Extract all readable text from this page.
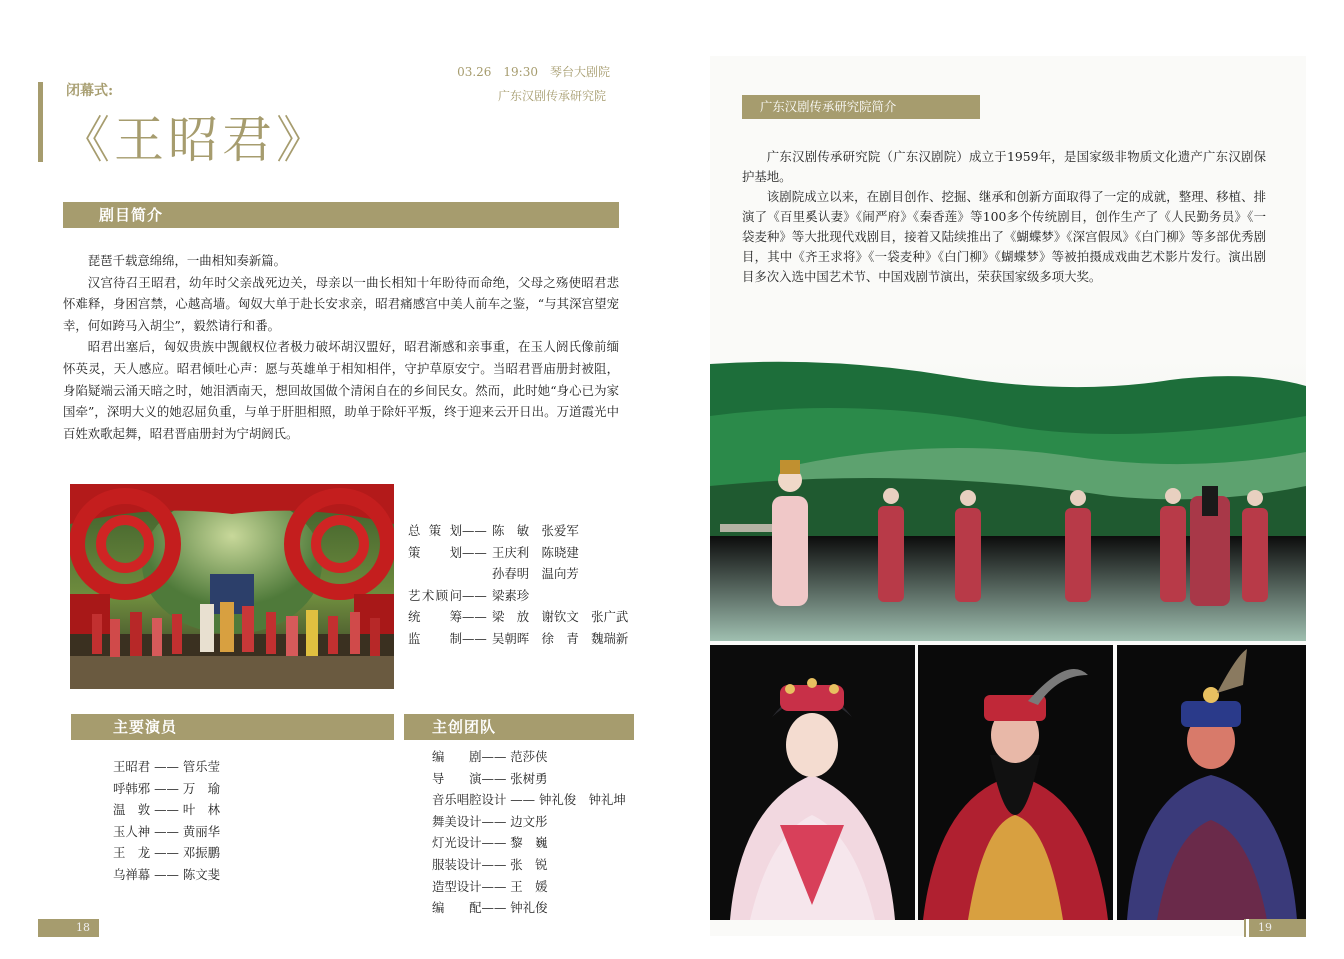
闭幕式:
《王昭君》
03.26　19:30　琴台大剧院
广东汉剧传承研究院
剧目简介

琵琶千载意绵绵，一曲相知奏新篇。

汉宫待召王昭君，幼年时父亲战死边关，母亲以一曲长相知十年盼待而命绝，父母之殇使昭君悲怀难释，身困宫禁，心越高墙。匈奴大单于赴长安求亲，昭君痛感宫中美人前车之鉴，“与其深宫望宠幸，何如跨马入胡尘”，毅然请行和番。

昭君出塞后，匈奴贵族中觊觎权位者极力破坏胡汉盟好，昭君渐感和亲事重，在玉人阏氏像前缅怀英灵，天人感应。昭君倾吐心声：愿与英雄单于相知相伴，守护草原安宁。当昭君晋庙册封被阻，身陷疑端云涌天暗之时，她泪洒南天，想回故国做个清闲自在的乡间民女。然而，此时她“身心已为家国牵”，深明大义的她忍屈负重，与单于肝胆相照，助单于除奸平叛，终于迎来云开日出。万道霞光中百姓欢歌起舞，昭君晋庙册封为宁胡阏氏。

总策划 —— 陈　敏　张爱军
策　划 —— 王庆利　陈晓建
孙春明　温向芳
艺术顾问 —— 梁素珍
统　筹 —— 梁　放　谢钦文　张广武
监　制 —— 吴朝晖　徐　青　魏瑞新
主要演员	主创团队
王昭君 —— 管乐莹
呼韩邪 —— 万　瑜
温　敦 —— 叶　林
玉人神 —— 黄丽华
王　龙 —— 邓振鹏
乌禅幕 —— 陈文斐
编　　剧—— 范莎侠
导　　演—— 张树勇
音乐唱腔设计 —— 钟礼俊　钟礼坤
舞美设计—— 边文彤
灯光设计—— 黎　巍
服装设计—— 张　锐
造型设计—— 王　媛
编　　配—— 钟礼俊
18
广东汉剧传承研究院简介

广东汉剧传承研究院（广东汉剧院）成立于1959年，是国家级非物质文化遗产广东汉剧保护基地。

该剧院成立以来，在剧目创作、挖掘、继承和创新方面取得了一定的成就，整理、移植、排演了《百里奚认妻》《闹严府》《秦香莲》等100多个传统剧目，创作生产了《人民勤务员》《一袋麦种》等大批现代戏剧目，接着又陆续推出了《蝴蝶梦》《深宫假凤》《白门柳》等多部优秀剧目，其中《齐王求将》《一袋麦种》《白门柳》《蝴蝶梦》等被拍摄成戏曲艺术影片发行。演出剧目多次入选中国艺术节、中国戏剧节演出，荣获国家级多项大奖。

19
